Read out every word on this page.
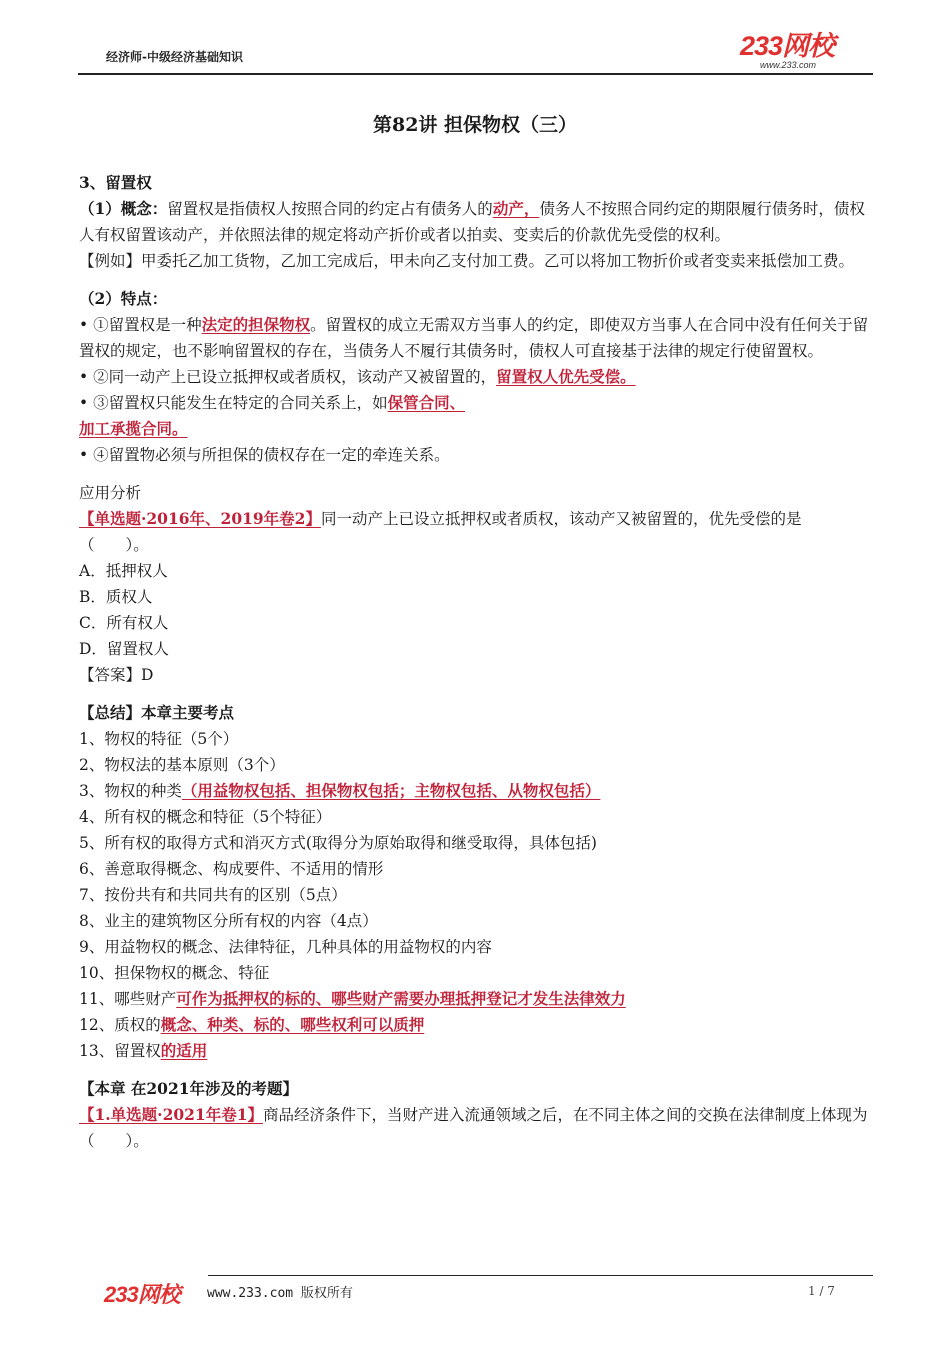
经济师-中级经济基础知识	233网校
www.233.com
第82讲 担保物权（三）

3、留置权

（1）概念：留置权是指债权人按照合同的约定占有债务人的动产，债务人不按照合同约定的期限履行债务时，债权人有权留置该动产，并依照法律的规定将动产折价或者以拍卖、变卖后的价款优先受偿的权利。

【例如】甲委托乙加工货物，乙加工完成后，甲未向乙支付加工费。乙可以将加工物折价或者变卖来抵偿加工费。

（2）特点：

• ①留置权是一种法定的担保物权。留置权的成立无需双方当事人的约定，即使双方当事人在合同中没有任何关于留置权的规定，也不影响留置权的存在，当债务人不履行其债务时，债权人可直接基于法律的规定行使留置权。

• ②同一动产上已设立抵押权或者质权，该动产又被留置的，留置权人优先受偿。

• ③留置权只能发生在特定的合同关系上，如保管合同、

加工承揽合同。

• ④留置物必须与所担保的债权存在一定的牵连关系。

应用分析

【单选题·2016年、2019年卷2】同一动产上已设立抵押权或者质权，该动产又被留置的，优先受偿的是（　　）。

A．抵押权人

B．质权人

C．所有权人

D．留置权人

【答案】D

【总结】本章主要考点

1、物权的特征（5个）

2、物权法的基本原则（3个）

3、物权的种类（用益物权包括、担保物权包括；主物权包括、从物权包括）

4、所有权的概念和特征（5个特征）

5、所有权的取得方式和消灭方式(取得分为原始取得和继受取得，具体包括)

6、善意取得概念、构成要件、不适用的情形

7、按份共有和共同共有的区别（5点）

8、业主的建筑物区分所有权的内容（4点）

9、用益物权的概念、法律特征，几种具体的用益物权的内容

10、担保物权的概念、特征

11、哪些财产可作为抵押权的标的、哪些财产需要办理抵押登记才发生法律效力

12、质权的概念、种类、标的、哪些权利可以质押

13、留置权的适用

【本章 在2021年涉及的考题】

【1.单选题·2021年卷1】商品经济条件下，当财产进入流通领域之后，在不同主体之间的交换在法律制度上体现为（　　）。

233网校 www.233.com 版权所有	1 / 7
